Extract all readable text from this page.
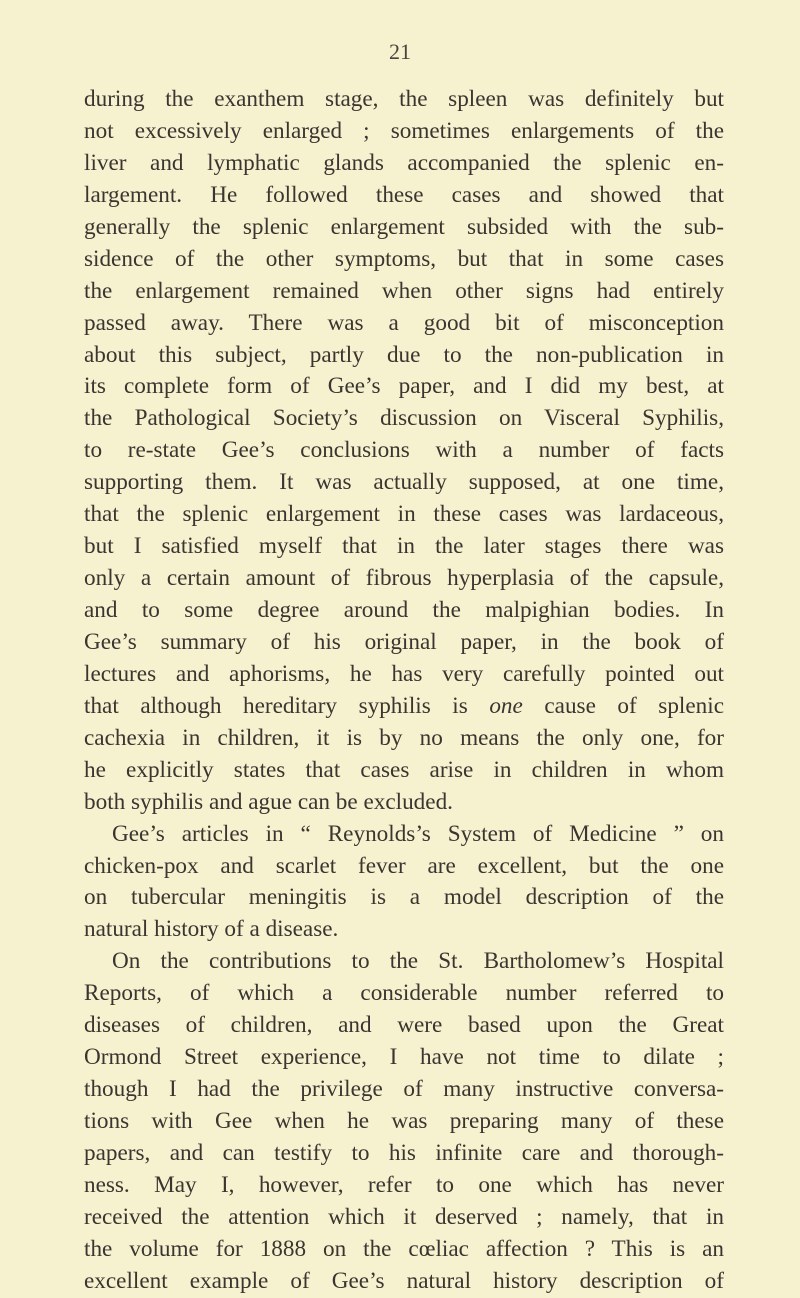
21
during the exanthem stage, the spleen was definitely but
not excessively enlarged ; sometimes enlargements of the
liver and lymphatic glands accompanied the splenic en-
largement. He followed these cases and showed that
generally the splenic enlargement subsided with the sub-
sidence of the other symptoms, but that in some cases
the enlargement remained when other signs had entirely
passed away. There was a good bit of misconception
about this subject, partly due to the non-publication in
its complete form of Gee’s paper, and I did my best, at
the Pathological Society’s discussion on Visceral Syphilis,
to re-state Gee’s conclusions with a number of facts
supporting them. It was actually supposed, at one time,
that the splenic enlargement in these cases was lardaceous,
but I satisfied myself that in the later stages there was
only a certain amount of fibrous hyperplasia of the capsule,
and to some degree around the malpighian bodies. In
Gee’s summary of his original paper, in the book of
lectures and aphorisms, he has very carefully pointed out
that although hereditary syphilis is one cause of splenic
cachexia in children, it is by no means the only one, for
he explicitly states that cases arise in children in whom
both syphilis and ague can be excluded.
Gee’s articles in “ Reynolds’s System of Medicine ” on
chicken-pox and scarlet fever are excellent, but the one
on tubercular meningitis is a model description of the
natural history of a disease.
On the contributions to the St. Bartholomew’s Hospital
Reports, of which a considerable number referred to
diseases of children, and were based upon the Great
Ormond Street experience, I have not time to dilate ;
though I had the privilege of many instructive conversa-
tions with Gee when he was preparing many of these
papers, and can testify to his infinite care and thorough-
ness. May I, however, refer to one which has never
received the attention which it deserved ; namely, that in
the volume for 1888 on the cœliac affection ? This is an
excellent example of Gee’s natural history description of
